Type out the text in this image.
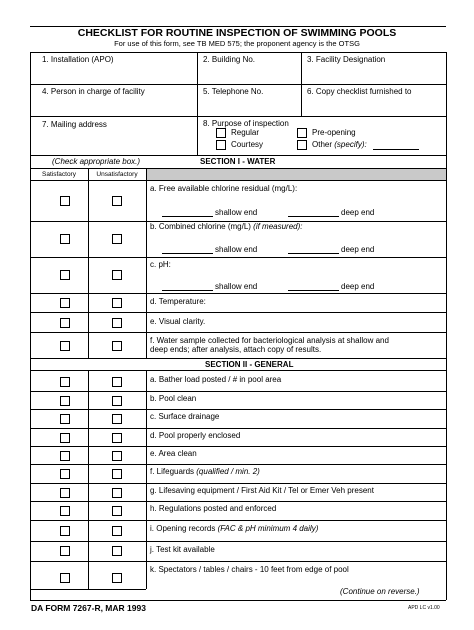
CHECKLIST FOR ROUTINE INSPECTION OF SWIMMING POOLS
For use of this form, see TB MED 575; the proponent agency is the OTSG
1. Installation (APO)	2. Building No.	3. Facility Designation
4. Person in charge of facility	5. Telephone No.	6. Copy checklist furnished to
7. Mailing address	8. Purpose of inspection
Regular	Pre-opening
Courtesy	Other (specify):
(Check appropriate box.)	SECTION I - WATER
Satisfactory	Unsatisfactory
a. Free available chlorine residual (mg/L):
shallow end	deep end
b. Combined chlorine (mg/L) (if measured):
shallow end	deep end
c. pH:
shallow end	deep end
d. Temperature:
e. Visual clarity.
f. Water sample collected for bacteriological analysis at shallow and
deep ends; after analysis, attach copy of results.
SECTION II - GENERAL
a. Bather load posted / # in pool area
b. Pool clean
c. Surface drainage
d. Pool properly enclosed
e. Area clean
f. Lifeguards (qualified / min. 2)
g. Lifesaving equipment / First Aid Kit / Tel or Emer Veh present
h. Regulations posted and enforced
i. Opening records (FAC & pH minimum 4 daily)
j. Test kit available
k. Spectators / tables / chairs - 10 feet from edge of pool
(Continue on reverse.)
DA FORM 7267-R, MAR 1993	APD LC v1.00
